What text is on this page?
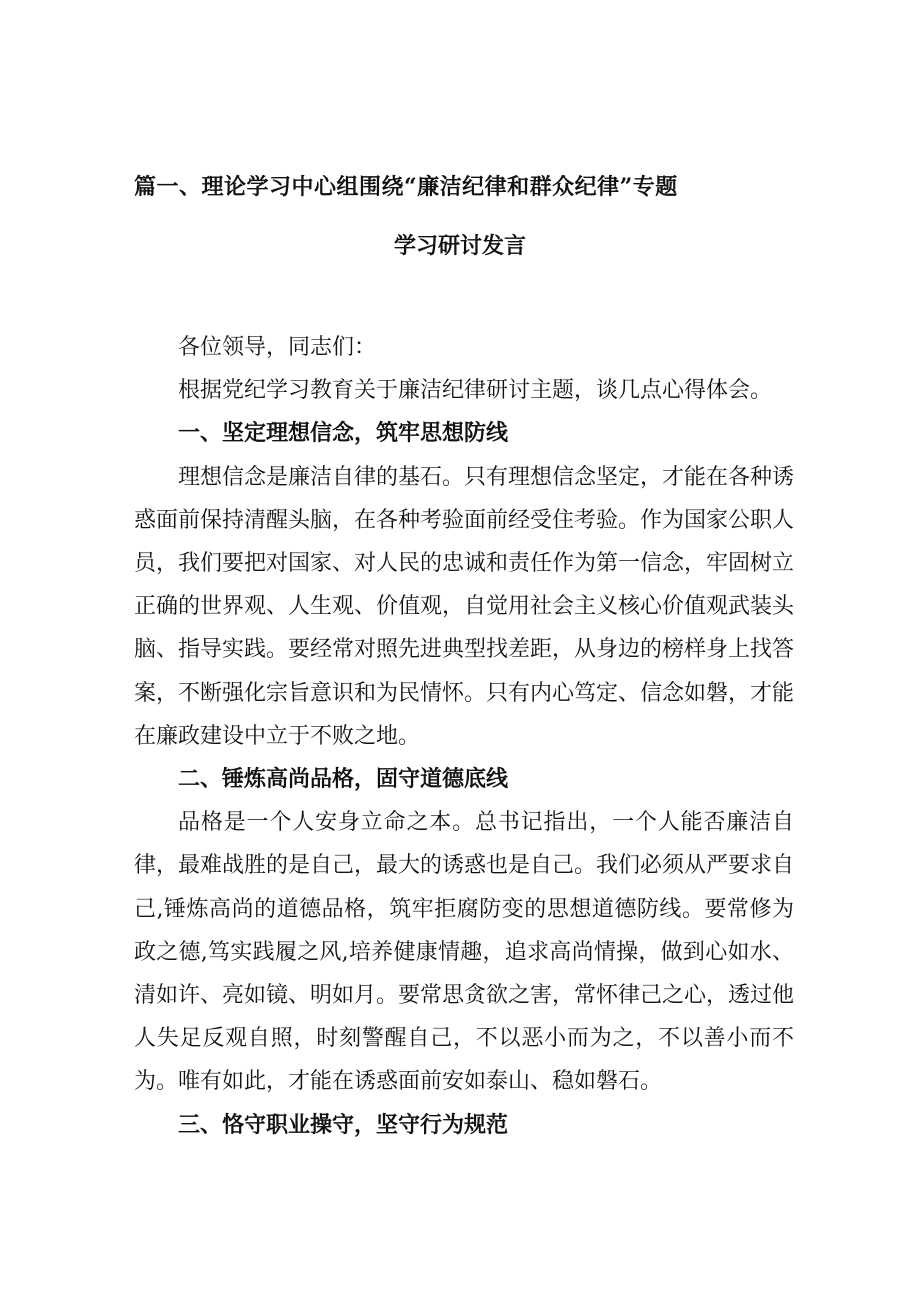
篇一、理论学习中心组围绕“廉洁纪律和群众纪律”专题
学习研讨发言

各位领导，同志们：

根据党纪学习教育关于廉洁纪律研讨主题，谈几点心得体会。

一、坚定理想信念，筑牢思想防线

理想信念是廉洁自律的基石。只有理想信念坚定，才能在各种诱惑面前保持清醒头脑，在各种考验面前经受住考验。作为国家公职人员，我们要把对国家、对人民的忠诚和责任作为第一信念，牢固树立正确的世界观、人生观、价值观，自觉用社会主义核心价值观武装头脑、指导实践。要经常对照先进典型找差距，从身边的榜样身上找答案，不断强化宗旨意识和为民情怀。只有内心笃定、信念如磐，才能在廉政建设中立于不败之地。

二、锤炼高尚品格，固守道德底线

品格是一个人安身立命之本。总书记指出，一个人能否廉洁自律，最难战胜的是自己，最大的诱惑也是自己。我们必须从严要求自己,锤炼高尚的道德品格，筑牢拒腐防变的思想道德防线。要常修为政之德,笃实践履之风,培养健康情趣，追求高尚情操，做到心如水、清如许、亮如镜、明如月。要常思贪欲之害，常怀律己之心，透过他人失足反观自照，时刻警醒自己，不以恶小而为之，不以善小而不为。唯有如此，才能在诱惑面前安如泰山、稳如磐石。

三、恪守职业操守，坚守行为规范
